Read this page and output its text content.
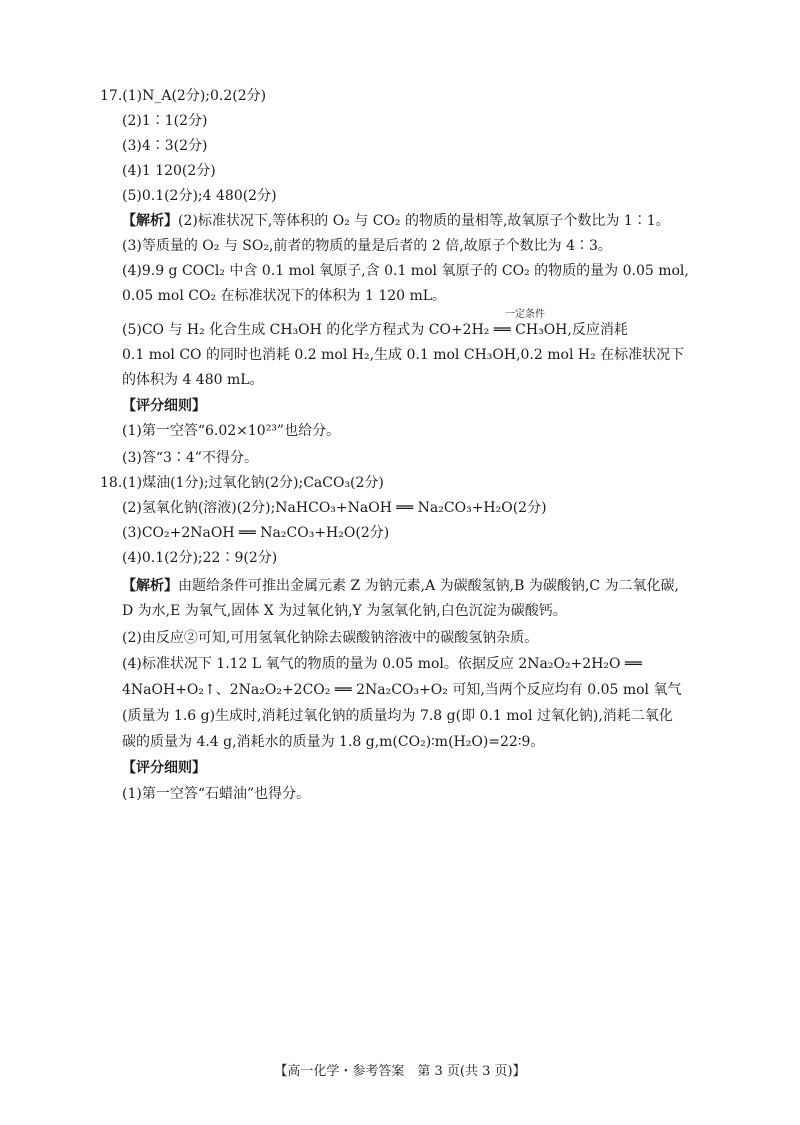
17.(1)N_A(2分);0.2(2分)
(2)1∶1(2分)
(3)4∶3(2分)
(4)1 120(2分)
(5)0.1(2分);4 480(2分)
【解析】(2)标准状况下,等体积的 O₂ 与 CO₂ 的物质的量相等,故氧原子个数比为 1∶1。
(3)等质量的 O₂ 与 SO₂,前者的物质的量是后者的 2 倍,故原子个数比为 4∶3。
(4)9.9 g COCl₂ 中含 0.1 mol 氧原子,含 0.1 mol 氧原子的 CO₂ 的物质的量为 0.05 mol,
0.05 mol CO₂ 在标准状况下的体积为 1 120 mL。
一定条件
(5)CO 与 H₂ 化合生成 CH₃OH 的化学方程式为 CO+2H₂ ══ CH₃OH,反应消耗
0.1 mol CO 的同时也消耗 0.2 mol H₂,生成 0.1 mol CH₃OH,0.2 mol H₂ 在标准状况下
的体积为 4 480 mL。
【评分细则】
(1)第一空答“6.02×10²³”也给分。
(3)答“3∶4”不得分。
18.(1)煤油(1分);过氧化钠(2分);CaCO₃(2分)
(2)氢氧化钠(溶液)(2分);NaHCO₃+NaOH ══ Na₂CO₃+H₂O(2分)
(3)CO₂+2NaOH ══ Na₂CO₃+H₂O(2分)
(4)0.1(2分);22∶9(2分)
【解析】由题给条件可推出金属元素 Z 为钠元素,A 为碳酸氢钠,B 为碳酸钠,C 为二氧化碳,
D 为水,E 为氧气,固体 X 为过氧化钠,Y 为氢氧化钠,白色沉淀为碳酸钙。
(2)由反应②可知,可用氢氧化钠除去碳酸钠溶液中的碳酸氢钠杂质。
(4)标准状况下 1.12 L 氧气的物质的量为 0.05 mol。依据反应 2Na₂O₂+2H₂O ══
4NaOH+O₂↑、2Na₂O₂+2CO₂ ══ 2Na₂CO₃+O₂ 可知,当两个反应均有 0.05 mol 氧气
(质量为 1.6 g)生成时,消耗过氧化钠的质量均为 7.8 g(即 0.1 mol 过氧化钠),消耗二氧化
碳的质量为 4.4 g,消耗水的质量为 1.8 g,m(CO₂)∶m(H₂O)=22∶9。
【评分细则】
(1)第一空答“石蜡油”也得分。
【高一化学・参考答案　第 3 页(共 3 页)】
